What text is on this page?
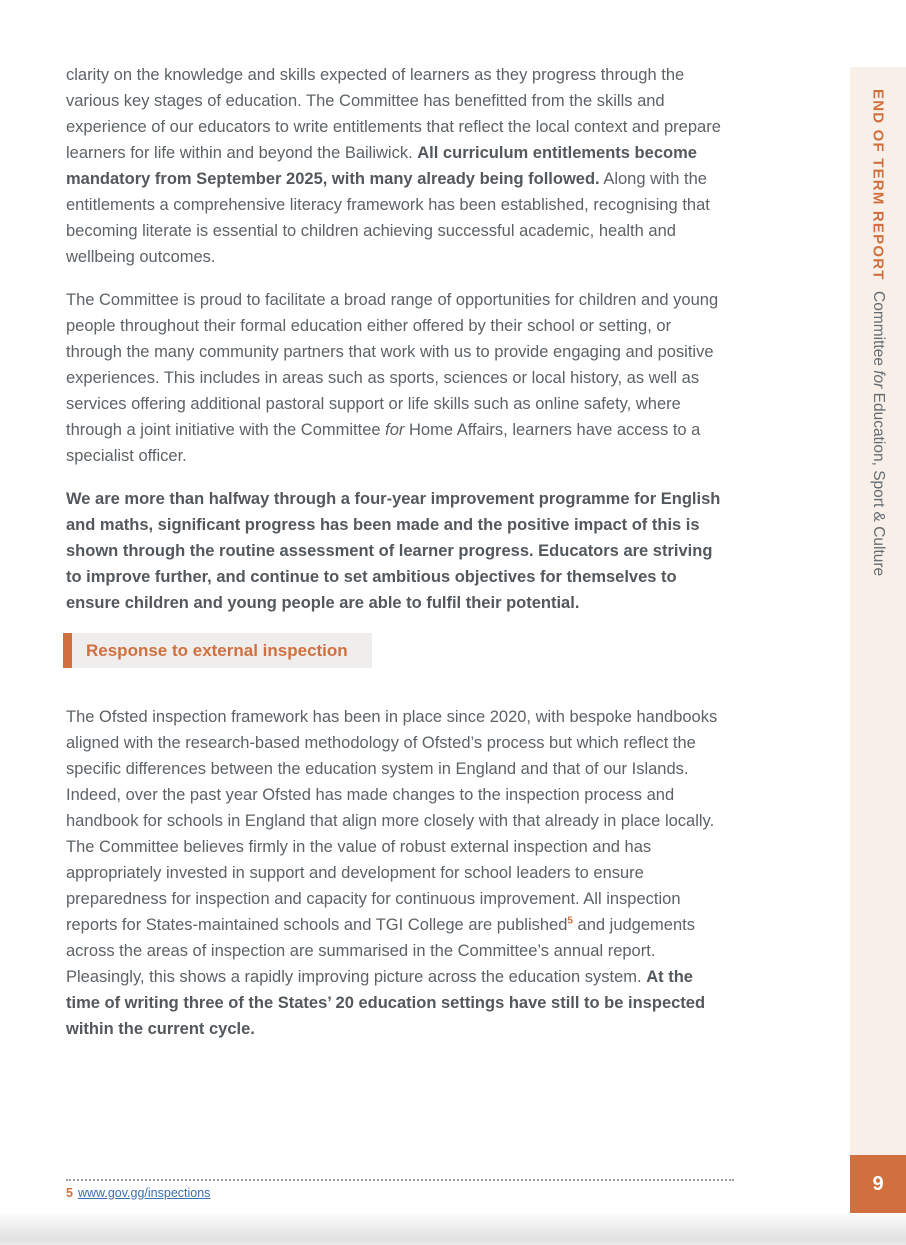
clarity on the knowledge and skills expected of learners as they progress through the various key stages of education. The Committee has benefitted from the skills and experience of our educators to write entitlements that reflect the local context and prepare learners for life within and beyond the Bailiwick. All curriculum entitlements become mandatory from September 2025, with many already being followed. Along with the entitlements a comprehensive literacy framework has been established, recognising that becoming literate is essential to children achieving successful academic, health and wellbeing outcomes.

The Committee is proud to facilitate a broad range of opportunities for children and young people throughout their formal education either offered by their school or setting, or through the many community partners that work with us to provide engaging and positive experiences. This includes in areas such as sports, sciences or local history, as well as services offering additional pastoral support or life skills such as online safety, where through a joint initiative with the Committee for Home Affairs, learners have access to a specialist officer.

We are more than halfway through a four-year improvement programme for English and maths, significant progress has been made and the positive impact of this is shown through the routine assessment of learner progress. Educators are striving to improve further, and continue to set ambitious objectives for themselves to ensure children and young people are able to fulfil their potential.

Response to external inspection

The Ofsted inspection framework has been in place since 2020, with bespoke handbooks aligned with the research-based methodology of Ofsted’s process but which reflect the specific differences between the education system in England and that of our Islands. Indeed, over the past year Ofsted has made changes to the inspection process and handbook for schools in England that align more closely with that already in place locally. The Committee believes firmly in the value of robust external inspection and has appropriately invested in support and development for school leaders to ensure preparedness for inspection and capacity for continuous improvement. All inspection reports for States-maintained schools and TGI College are published$^5$ and judgements across the areas of inspection are summarised in the Committee’s annual report. Pleasingly, this shows a rapidly improving picture across the education system. At the time of writing three of the States’ 20 education settings have still to be inspected within the current cycle.

END OF TERM REPORT
Committee for Education, Sport & Culture
9
5 www.gov.gg/inspections
